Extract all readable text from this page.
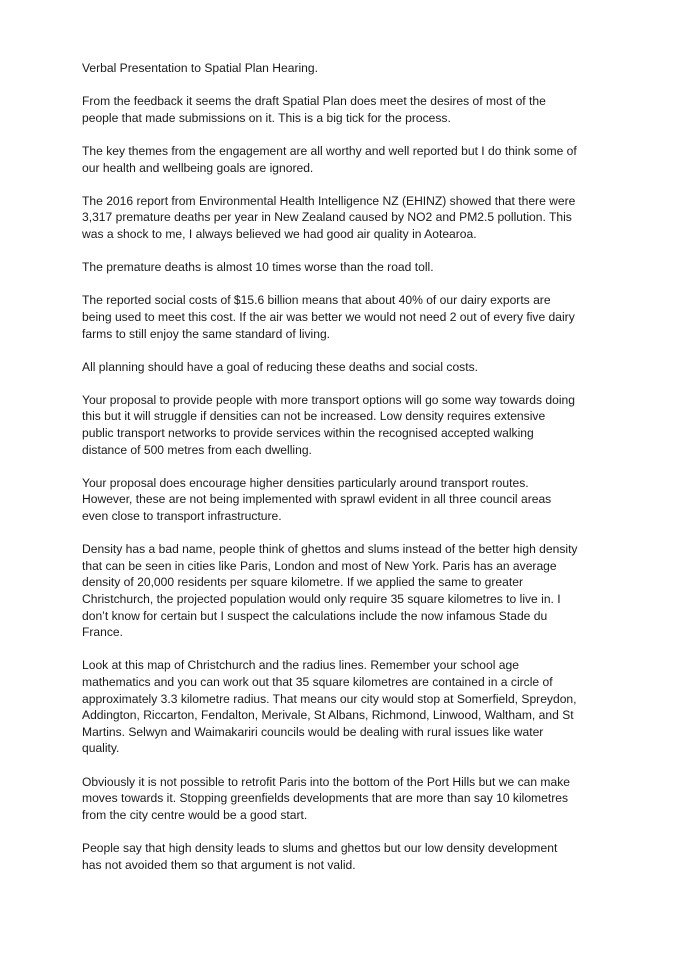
Verbal Presentation to Spatial Plan Hearing.

From the feedback it seems the draft Spatial Plan does meet the desires of most of the
people that made submissions on it. This is a big tick for the process.

The key themes from the engagement are all worthy and well reported but I do think some of
our health and wellbeing goals are ignored.

The 2016 report from Environmental Health Intelligence NZ (EHINZ) showed that there were
3,317 premature deaths per year in New Zealand caused by NO2 and PM2.5 pollution. This
was a shock to me, I always believed we had good air quality in Aotearoa.

The premature deaths is almost 10 times worse than the road toll.

The reported social costs of $15.6 billion means that about 40% of our dairy exports are
being used to meet this cost. If the air was better we would not need 2 out of every five dairy
farms to still enjoy the same standard of living.

All planning should have a goal of reducing these deaths and social costs.

Your proposal to provide people with more transport options will go some way towards doing
this but it will struggle if densities can not be increased. Low density requires extensive
public transport networks to provide services within the recognised accepted walking
distance of 500 metres from each dwelling.

Your proposal does encourage higher densities particularly around transport routes.
However, these are not being implemented with sprawl evident in all three council areas
even close to transport infrastructure.

Density has a bad name, people think of ghettos and slums instead of the better high density
that can be seen in cities like Paris, London and most of New York. Paris has an average
density of 20,000 residents per square kilometre. If we applied the same to greater
Christchurch, the projected population would only require 35 square kilometres to live in. I
don’t know for certain but I suspect the calculations include the now infamous Stade du
France.

Look at this map of Christchurch and the radius lines. Remember your school age
mathematics and you can work out that 35 square kilometres are contained in a circle of
approximately 3.3 kilometre radius. That means our city would stop at Somerfield, Spreydon,
Addington, Riccarton, Fendalton, Merivale, St Albans, Richmond, Linwood, Waltham, and St
Martins. Selwyn and Waimakariri councils would be dealing with rural issues like water
quality.

Obviously it is not possible to retrofit Paris into the bottom of the Port Hills but we can make
moves towards it. Stopping greenfields developments that are more than say 10 kilometres
from the city centre would be a good start.

People say that high density leads to slums and ghettos but our low density development
has not avoided them so that argument is not valid.
